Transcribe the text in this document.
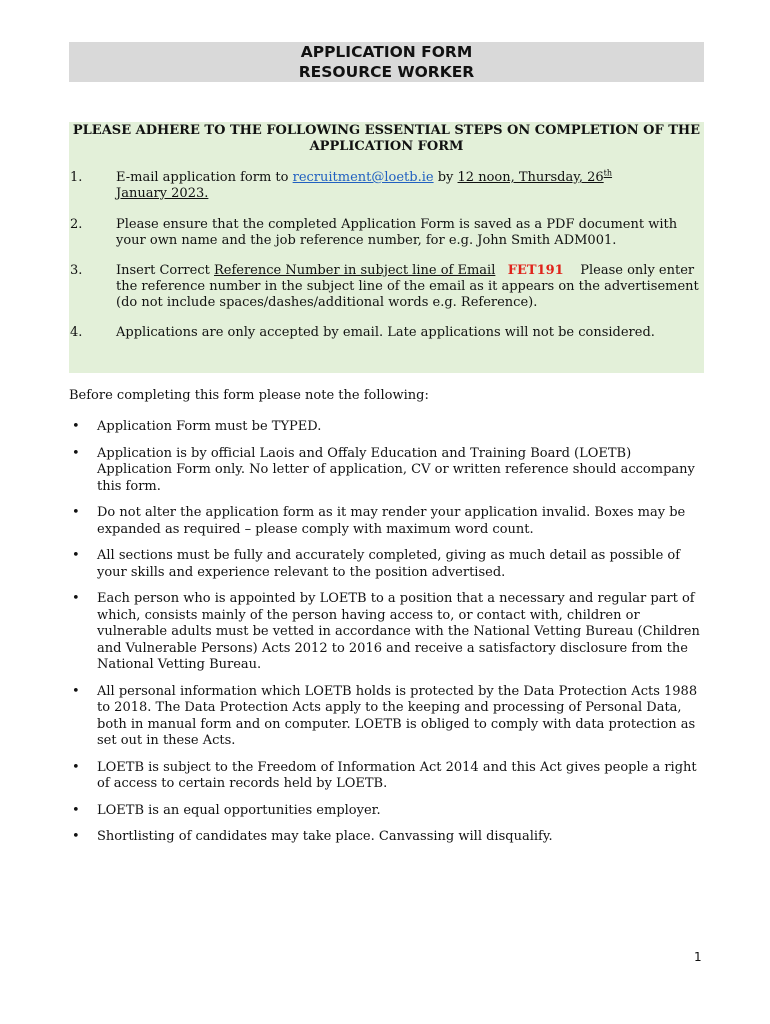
APPLICATION FORM
RESOURCE WORKER
PLEASE ADHERE TO THE FOLLOWING ESSENTIAL STEPS ON COMPLETION OF THE APPLICATION FORM
1.	E-mail application form to recruitment@loetb.ie by 12 noon, Thursday, 26th
January 2023.
2.	Please ensure that the completed Application Form is saved as a PDF document with your own name and the job reference number, for e.g. John Smith ADM001.
3.	Insert Correct Reference Number in subject line of Email FET191 Please only enter the reference number in the subject line of the email as it appears on the advertisement (do not include spaces/dashes/additional words e.g. Reference).
4.	Applications are only accepted by email. Late applications will not be considered.
Before completing this form please note the following:
• Application Form must be TYPED.
• Application is by official Laois and Offaly Education and Training Board (LOETB) Application Form only. No letter of application, CV or written reference should accompany this form.
• Do not alter the application form as it may render your application invalid. Boxes may be expanded as required – please comply with maximum word count.
• All sections must be fully and accurately completed, giving as much detail as possible of your skills and experience relevant to the position advertised.
• Each person who is appointed by LOETB to a position that a necessary and regular part of which, consists mainly of the person having access to, or contact with, children or vulnerable adults must be vetted in accordance with the National Vetting Bureau (Children and Vulnerable Persons) Acts 2012 to 2016 and receive a satisfactory disclosure from the National Vetting Bureau.
• All personal information which LOETB holds is protected by the Data Protection Acts 1988 to 2018. The Data Protection Acts apply to the keeping and processing of Personal Data, both in manual form and on computer. LOETB is obliged to comply with data protection as set out in these Acts.
• LOETB is subject to the Freedom of Information Act 2014 and this Act gives people a right of access to certain records held by LOETB.
• LOETB is an equal opportunities employer.
• Shortlisting of candidates may take place. Canvassing will disqualify.
1
